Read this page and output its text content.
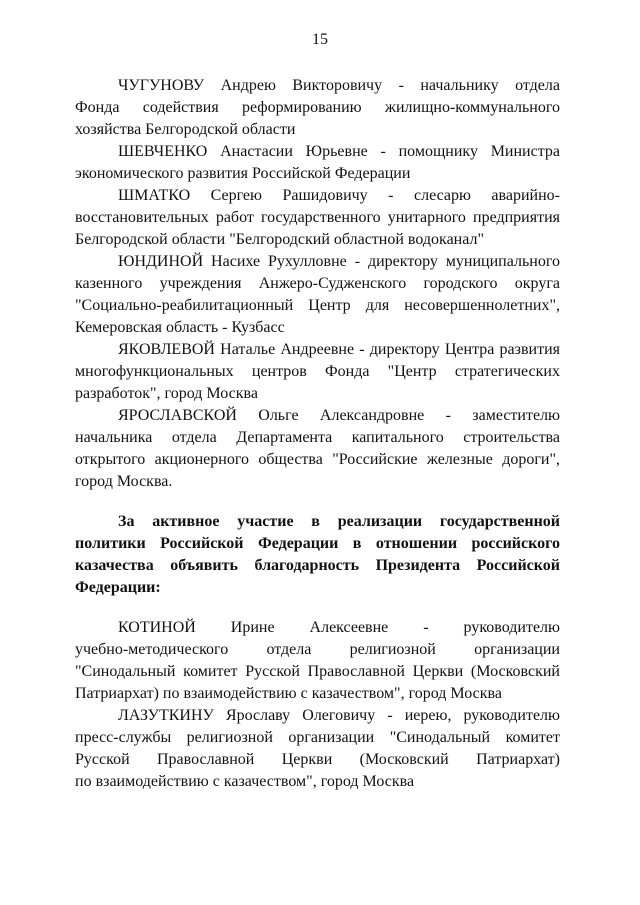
15
ЧУГУНОВУ Андрею Викторовичу - начальнику отдела
Фонда содействия реформированию жилищно-коммунального
хозяйства Белгородской области
ШЕВЧЕНКО Анастасии Юрьевне - помощнику Министра
экономического развития Российской Федерации
ШМАТКО Сергею Рашидовичу - слесарю аварийно-
восстановительных работ государственного унитарного предприятия
Белгородской области "Белгородский областной водоканал"
ЮНДИНОЙ Насихе Рухулловне - директору муниципального
казенного учреждения Анжеро-Судженского городского округа
"Социально-реабилитационный Центр для несовершеннолетних",
Кемеровская область - Кузбасс
ЯКОВЛЕВОЙ Наталье Андреевне - директору Центра развития
многофункциональных центров Фонда "Центр стратегических
разработок", город Москва
ЯРОСЛАВСКОЙ Ольге Александровне - заместителю
начальника отдела Департамента капитального строительства
открытого акционерного общества "Российские железные дороги",
город Москва.
За активное участие в реализации государственной
политики Российской Федерации в отношении российского
казачества объявить благодарность Президента Российской
Федерации:
КОТИНОЙ Ирине Алексеевне - руководителю
учебно-методического отдела религиозной организации
"Синодальный комитет Русской Православной Церкви (Московский
Патриархат) по взаимодействию с казачеством", город Москва
ЛАЗУТКИНУ Ярославу Олеговичу - иерею, руководителю
пресс-службы религиозной организации "Синодальный комитет
Русской Православной Церкви (Московский Патриархат)
по взаимодействию с казачеством", город Москва
